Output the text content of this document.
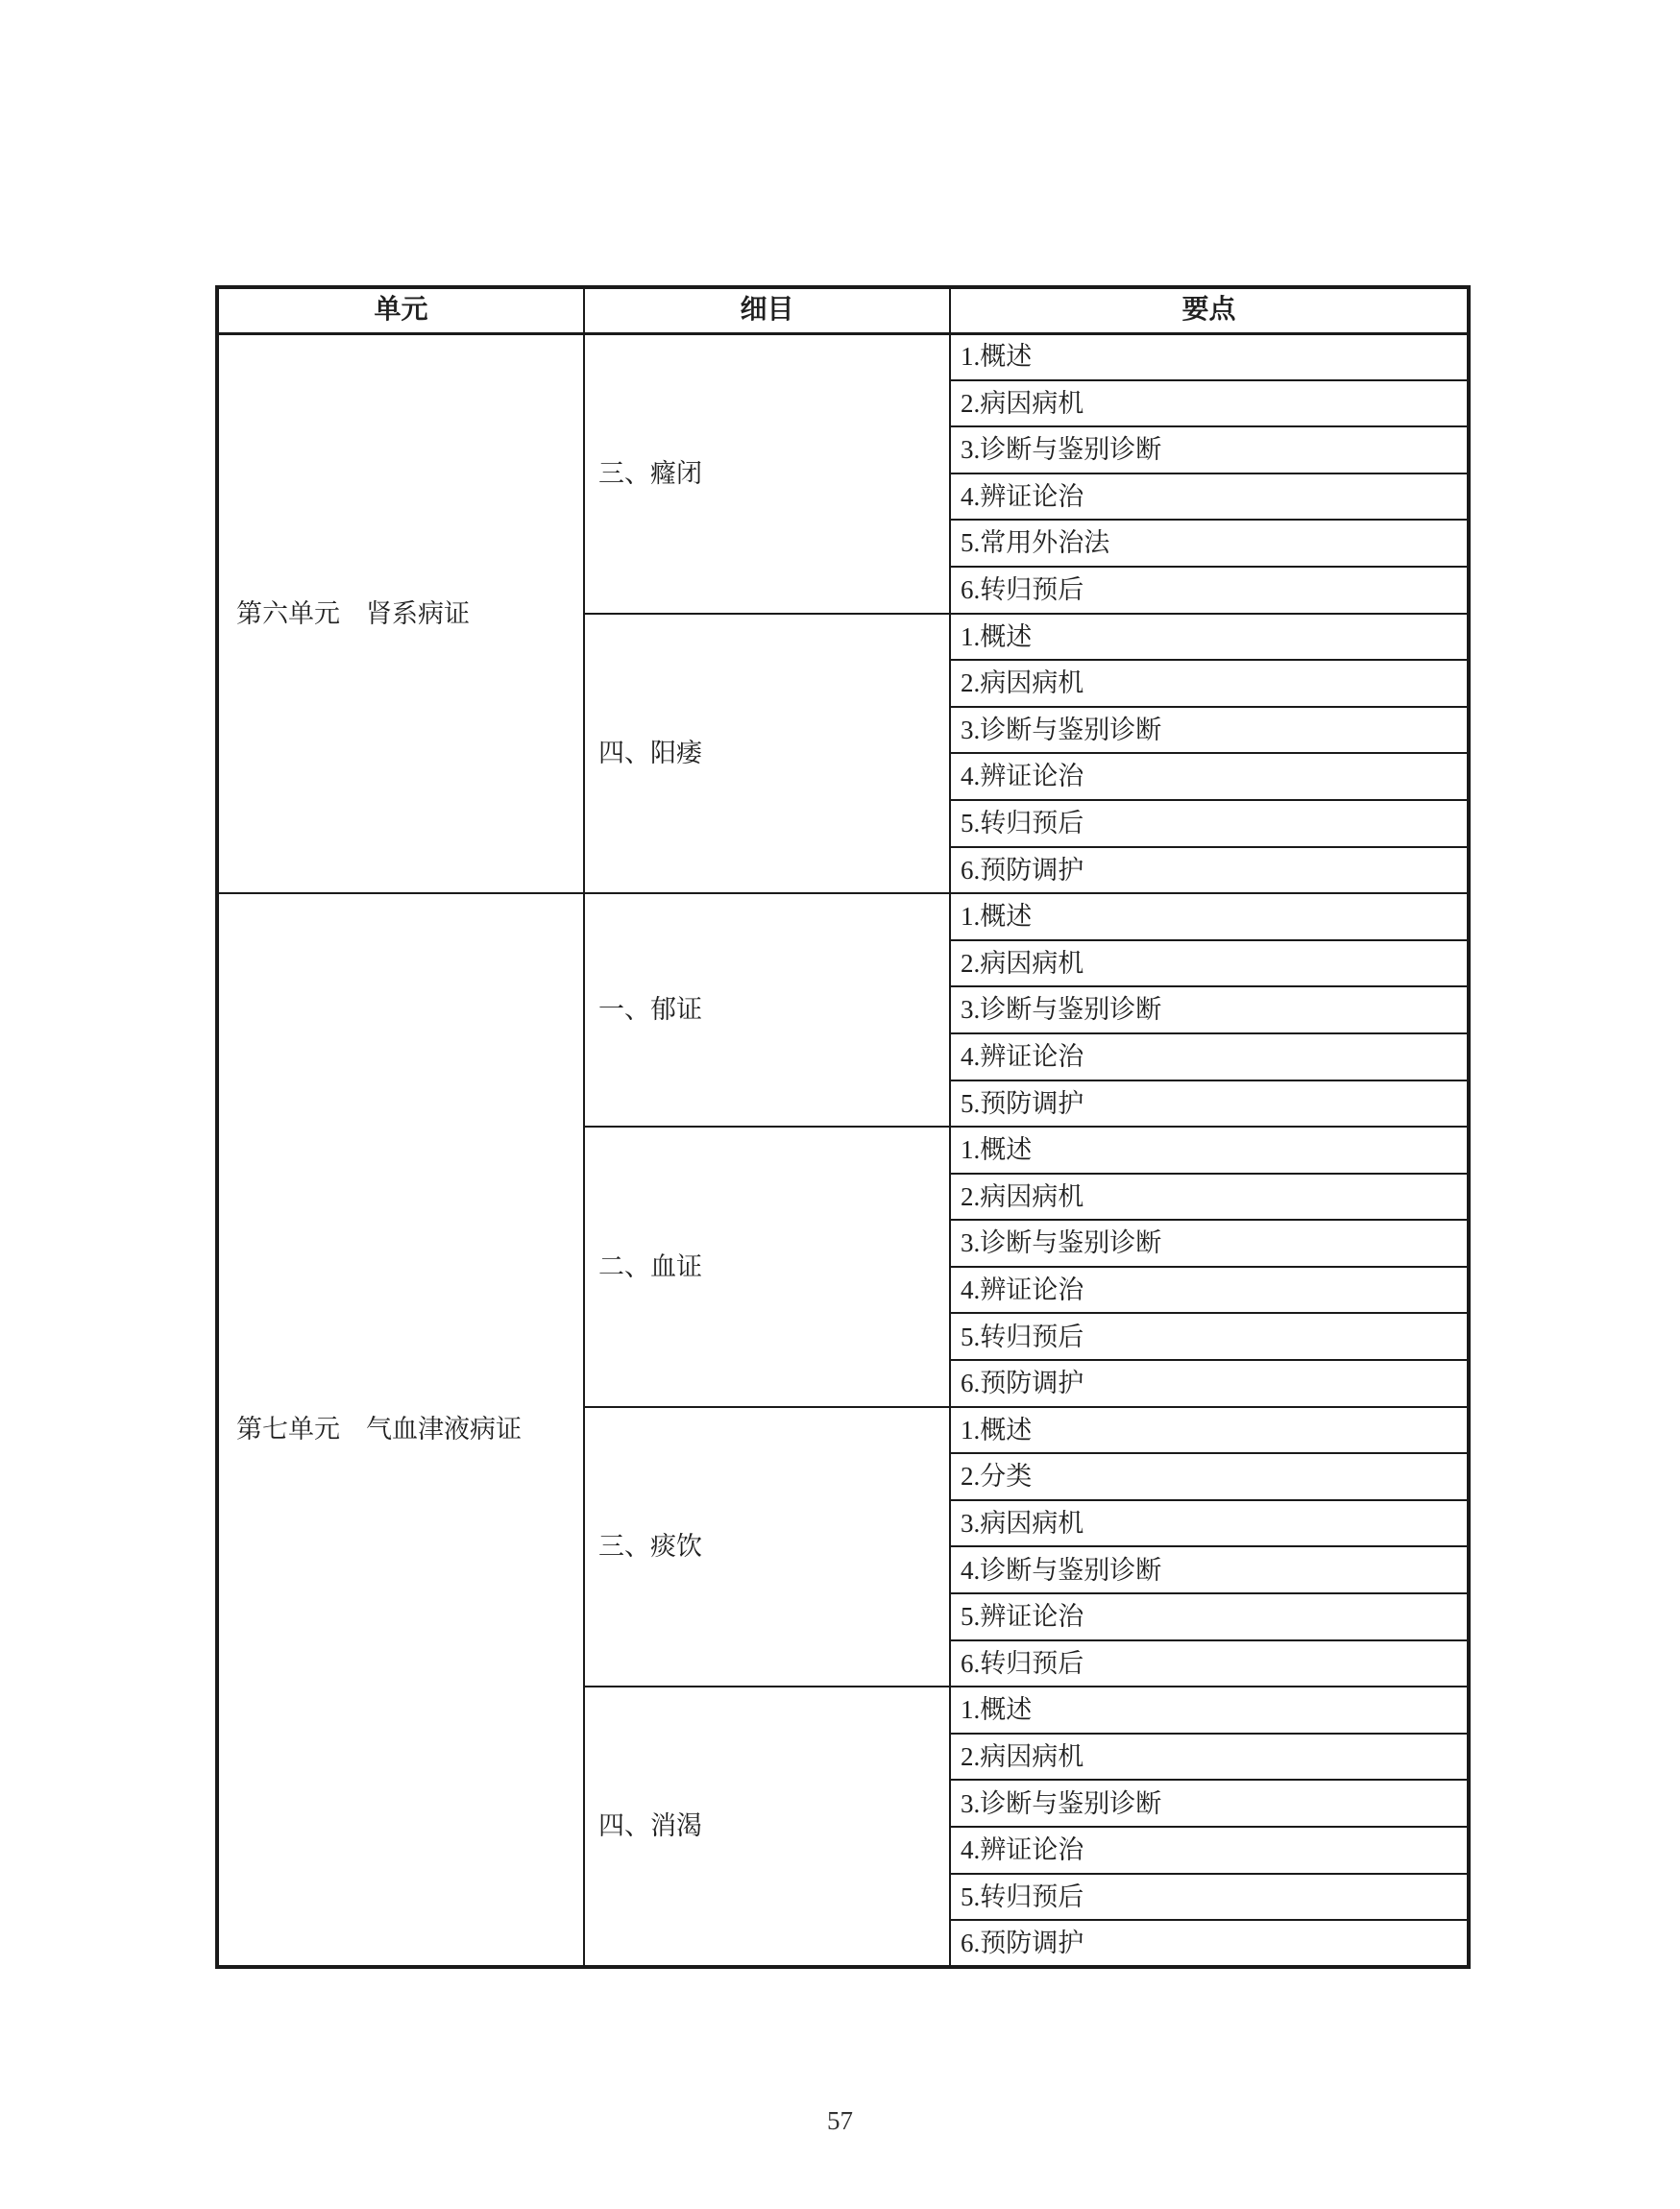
单元	细目	要点
第六单元　肾系病证	三、癃闭	1.概述
		2.病因病机
		3.诊断与鉴别诊断
		4.辨证论治
		5.常用外治法
		6.转归预后
	四、阳痿	1.概述
		2.病因病机
		3.诊断与鉴别诊断
		4.辨证论治
		5.转归预后
		6.预防调护
第七单元　气血津液病证	一、郁证	1.概述
		2.病因病机
		3.诊断与鉴别诊断
		4.辨证论治
		5.预防调护
	二、血证	1.概述
		2.病因病机
		3.诊断与鉴别诊断
		4.辨证论治
		5.转归预后
		6.预防调护
	三、痰饮	1.概述
		2.分类
		3.病因病机
		4.诊断与鉴别诊断
		5.辨证论治
		6.转归预后
	四、消渴	1.概述
		2.病因病机
		3.诊断与鉴别诊断
		4.辨证论治
		5.转归预后
		6.预防调护
57
